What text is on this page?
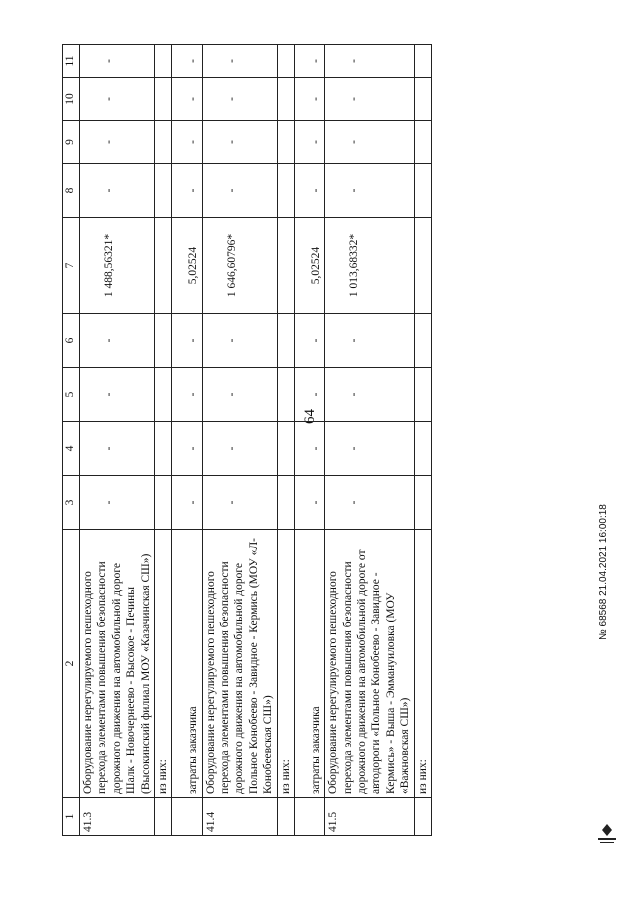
64
1	2	3	4	5	6	7	8	9	10	11
41.3	Оборудование нерегулируемого пешеходного перехода элементами повышения безопасности дорожного движения на автомобильной дороге Шалк - Новочернеево - Высокое - Печины (Высокинский филиал МОУ «Казачинская СШ»)	-	-	-	-	1 488,56321*	-	-	-	-
	из них:									
	затраты заказчика	-	-	-	-	5,02524	-	-	-	-
41.4	Оборудование нерегулируемого пешеходного перехода элементами повышения безопасности дорожного движения на автомобильной дороге Польное Конобеево - Завидное - Кермись (МОУ «Л-Конобеевская СШ»)	-	-	-	-	1 646,60796*	-	-	-	-
	из них:									
	затраты заказчика	-	-	-	-	5,02524	-	-	-	-
41.5	Оборудование нерегулируемого пешеходного перехода элементами повышения безопасности дорожного движения на автомобильной дороге от автодороги «Польное Конобеево - Завидное - Кермись» - Выша - Эммануиловка (МОУ «Важновская СШ»)	-	-	-	-	1 013,68332*	-	-	-	-
	из них:									
№ 68568 21.04.2021 16:00:18
